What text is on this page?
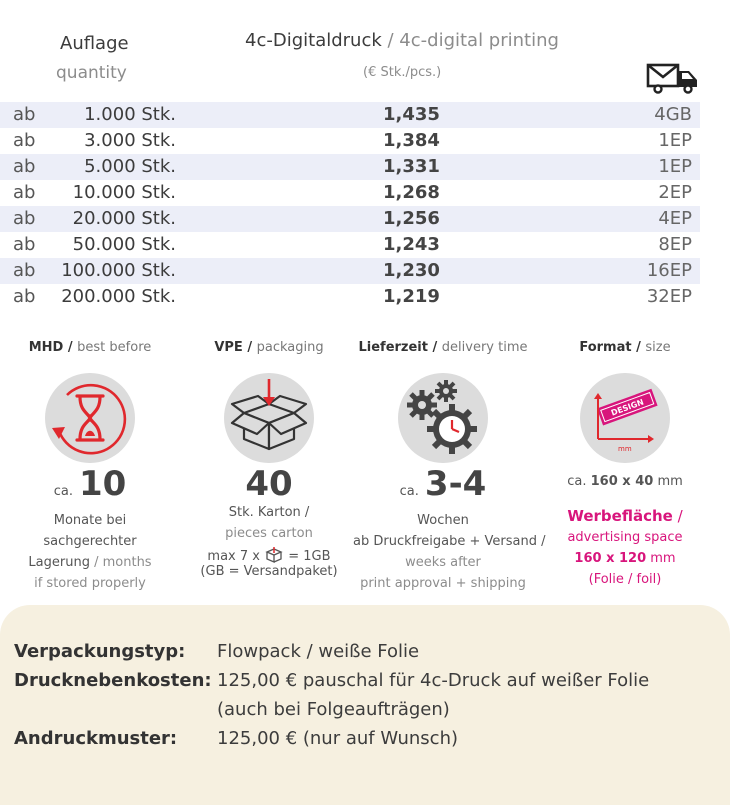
Auflage
quantity
4c-Digitaldruck / 4c-digital printing
(€ Stk./pcs.)
ab	1.000 Stk.	1,435	4GB
ab	3.000 Stk.	1,384	1EP
ab	5.000 Stk.	1,331	1EP
ab 10.000 Stk.	1,268	2EP
ab 20.000 Stk.	1,256	4EP
ab 50.000 Stk.	1,243	8EP
ab 100.000 Stk.	1,230	16EP
ab 200.000 Stk.	1,219	32EP
MHD / best before
ca. 10
Monate bei
sachgerechter
Lagerung / months
if stored properly
VPE / packaging
40
Stk. Karton /
pieces carton
max 7 x = 1GB
(GB = Versandpaket)
Lieferzeit / delivery time
ca. 3-4
Wochen
ab Druckfreigabe + Versand /
weeks after
print approval + shipping
Format / size
DESIGN
mm
ca. 160 x 40 mm
Werbefläche /
advertising space
160 x 120 mm
(Folie / foil)
Verpackungstyp: Flowpack / weiße Folie
Drucknebenkosten: 125,00 € pauschal für 4c-Druck auf weißer Folie
(auch bei Folgeaufträgen)
Andruckmuster: 125,00 € (nur auf Wunsch)
